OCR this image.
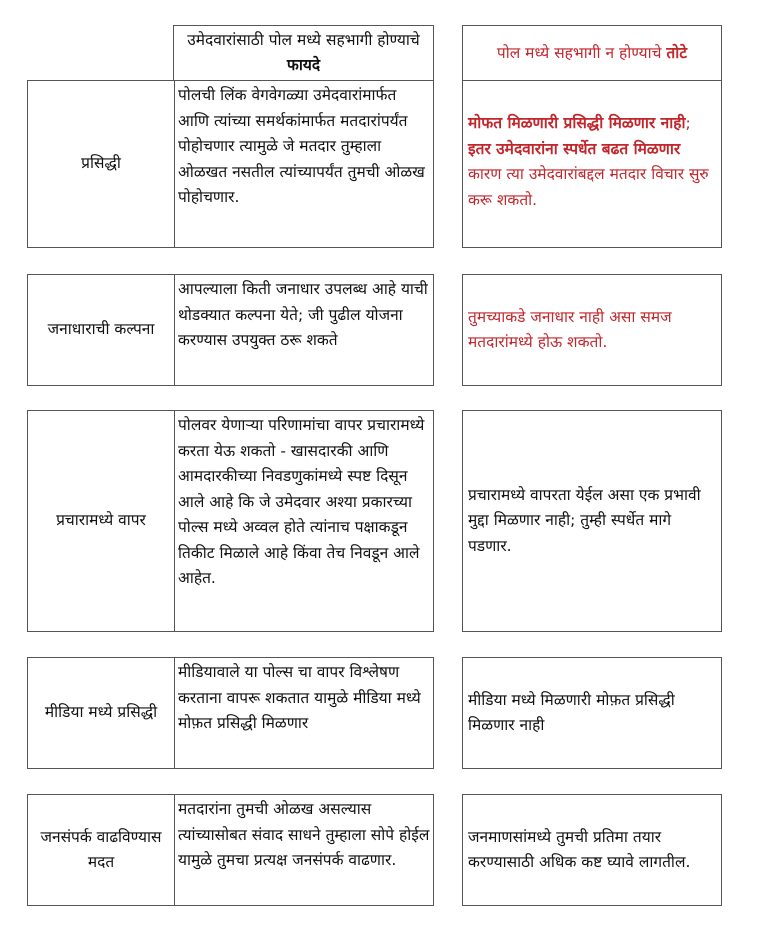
उमेदवारांसाठी पोल मध्ये सहभागी होण्याचे फायदे
पोल मध्ये सहभागी न होण्याचे तोटे
प्रसिद्धी
पोलची लिंक वेगवेगळ्या उमेदवारांमार्फत आणि त्यांच्या समर्थकांमार्फत मतदारांपर्यंत पोहोचणार त्यामुळे जे मतदार तुम्हाला ओळखत नसतील त्यांच्यापर्यंत तुमची ओळख पोहोचणार.
मोफत मिळणारी प्रसिद्धी मिळणार नाही; इतर उमेदवारांना स्पर्धेत बढत मिळणार कारण त्या उमेदवारांबद्दल मतदार विचार सुरु करू शकतो.
जनाधाराची कल्पना
आपल्याला किती जनाधार उपलब्ध आहे याची थोडक्यात कल्पना येते; जी पुढील योजना करण्यास उपयुक्त ठरू शकते
तुमच्याकडे जनाधार नाही असा समज मतदारांमध्ये होऊ शकतो.
प्रचारामध्ये वापर
पोलवर येणाऱ्या परिणामांचा वापर प्रचारामध्ये करता येऊ शकतो - खासदारकी आणि आमदारकीच्या निवडणुकांमध्ये स्पष्ट दिसून आले आहे कि जे उमेदवार अश्या प्रकारच्या पोल्स मध्ये अव्वल होते त्यांनाच पक्षाकडून तिकीट मिळाले आहे किंवा तेच निवडून आले आहेत.
प्रचारामध्ये वापरता येईल असा एक प्रभावी मुद्दा मिळणार नाही; तुम्ही स्पर्धेत मागे पडणार.
मीडिया मध्ये प्रसिद्धी
मीडियावाले या पोल्स चा वापर विश्लेषण करताना वापरू शकतात यामुळे मीडिया मध्ये मोफ़त प्रसिद्धी मिळणार
मीडिया मध्ये मिळणारी मोफ़त प्रसिद्धी मिळणार नाही
जनसंपर्क वाढविण्यास मदत
मतदारांना तुमची ओळख असल्यास त्यांच्यासोबत संवाद साधने तुम्हाला सोपे होईल यामुळे तुमचा प्रत्यक्ष जनसंपर्क वाढणार.
जनमाणसांमध्ये तुमची प्रतिमा तयार करण्यासाठी अधिक कष्ट घ्यावे लागतील.
